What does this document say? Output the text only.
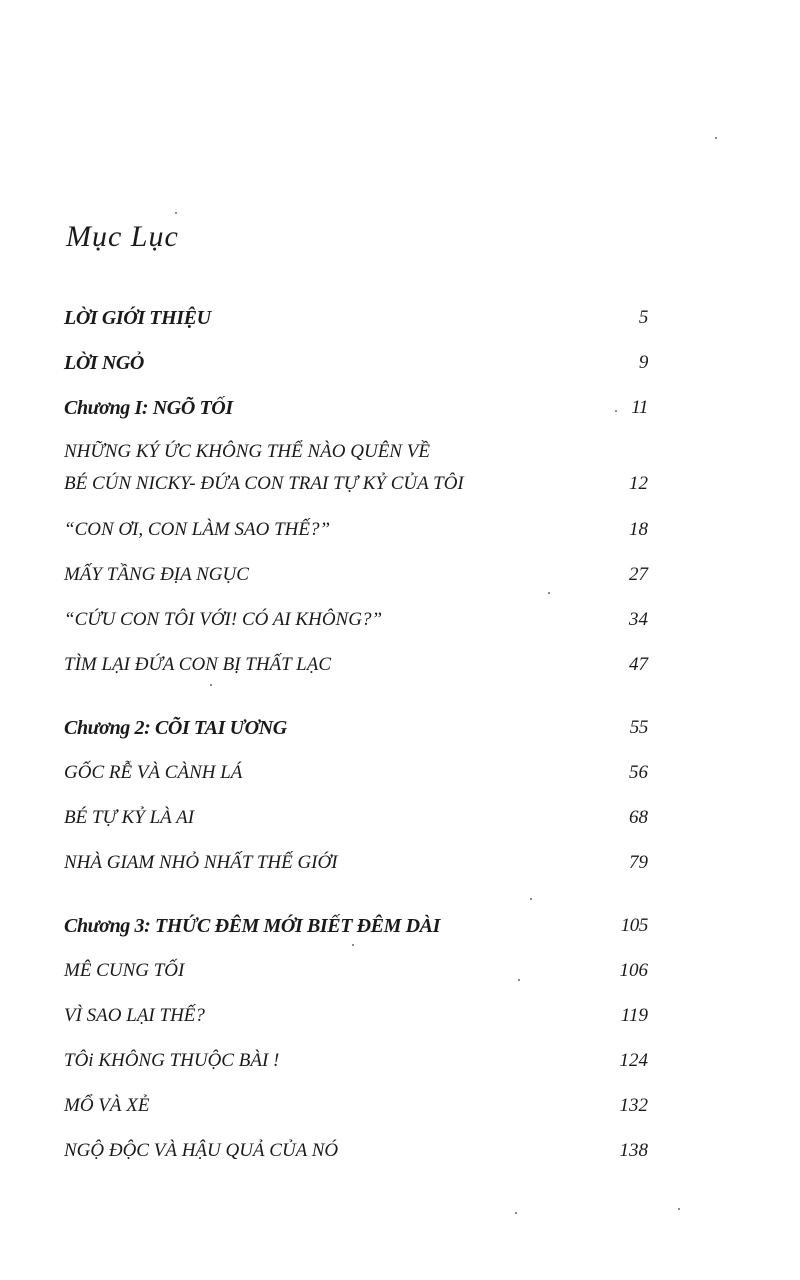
Mục Lục
LỜI GIỚI THIỆU	5
LỜI NGỎ	9
Chương I: NGÕ TỐI	11
NHỮNG KÝ ỨC KHÔNG THỂ NÀO QUÊN VỀ
BÉ CÚN NICKY- ĐỨA CON TRAI TỰ KỶ CỦA TÔI	12
“CON ƠI, CON LÀM SAO THẾ?”	18
MẤY TẦNG ĐỊA NGỤC	27
“CỨU CON TÔI VỚI! CÓ AI KHÔNG?”	34
TÌM LẠI ĐỨA CON BỊ THẤT LẠC	47
Chương 2: CÕI TAI ƯƠNG	55
GỐC RỄ VÀ CÀNH LÁ	56
BÉ TỰ KỶ LÀ AI	68
NHÀ GIAM NHỎ NHẤT THẾ GIỚI	79
Chương 3: THỨC ĐÊM MỚI BIẾT ĐÊM DÀI	105
MÊ CUNG TỐI	106
VÌ SAO LẠI THẾ?	119
TÔi KHÔNG THUỘC BÀI !	124
MỔ VÀ XẺ	132
NGỘ ĐỘC VÀ HẬU QUẢ CỦA NÓ	138
